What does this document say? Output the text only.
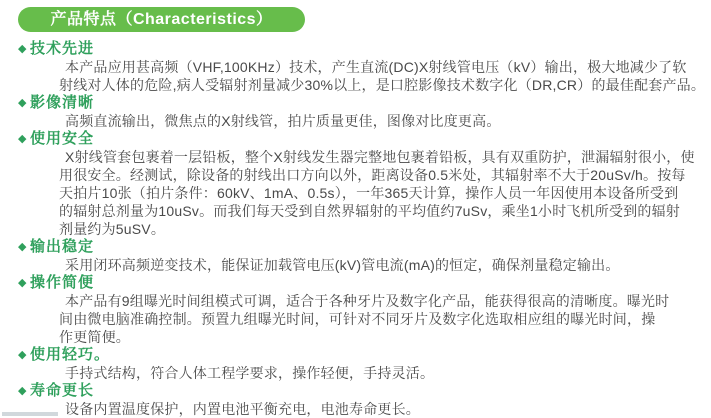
产品特点（Characteristics）
◆ 技术先进
本产品应用甚高频（VHF,100KHz）技术，产生直流(DC)X射线管电压（kV）输出，极大地减少了软
射线对人体的危险,病人受辐射剂量减少30%以上，是口腔影像技术数字化（DR,CR）的最佳配套产品。
◆ 影像清晰
高频直流输出，微焦点的X射线管，拍片质量更佳，图像对比度更高。
◆ 使用安全
X射线管套包裹着一层铅板，整个X射线发生器完整地包裹着铅板，具有双重防护，泄漏辐射很小，使
用很安全。经测试，除设备的射线出口方向以外，距离设备0.5米处，其辐射率不大于20uSv/h。按每
天拍片10张（拍片条件：60kV、1mA、0.5s），一年365天计算，操作人员一年因使用本设备所受到
的辐射总剂量为10uSv。而我们每天受到自然界辐射的平均值约7uSv，乘坐1小时飞机所受到的辐射
剂量约为5uSV。
◆ 输出稳定
采用闭环高频逆变技术，能保证加载管电压(kV)管电流(mA)的恒定，确保剂量稳定输出。
◆ 操作简便
本产品有9组曝光时间组模式可调，适合于各种牙片及数字化产品，能获得很高的清晰度。曝光时
间由微电脑准确控制。预置九组曝光时间，可针对不同牙片及数字化选取相应组的曝光时间，操
作更简便。
◆ 使用轻巧。
手持式结构，符合人体工程学要求，操作轻便，手持灵活。
◆ 寿命更长
设备内置温度保护，内置电池平衡充电，电池寿命更长。
